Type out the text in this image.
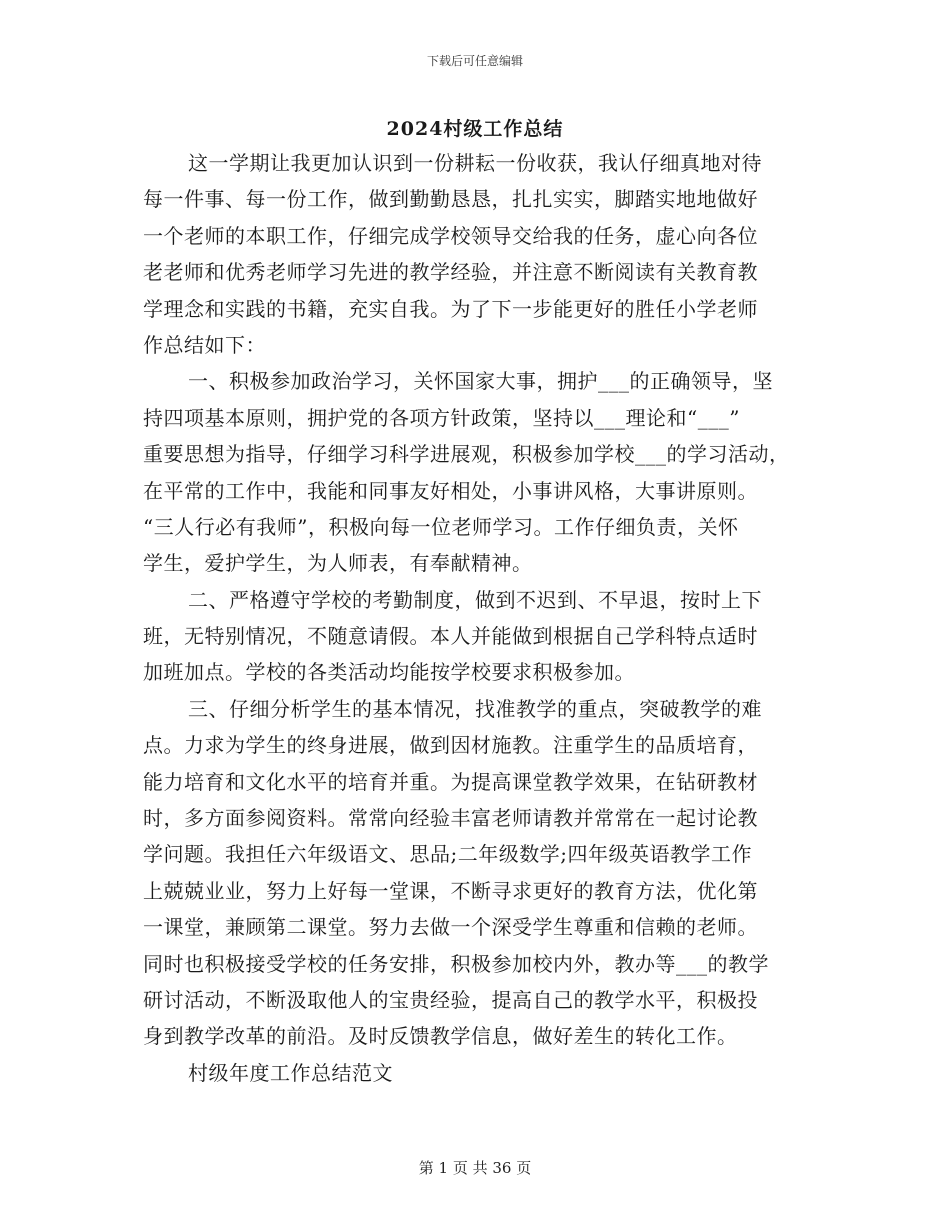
下载后可任意编辑
2024村级工作总结
这一学期让我更加认识到一份耕耘一份收获，我认仔细真地对待
每一件事、每一份工作，做到勤勤恳恳，扎扎实实，脚踏实地地做好
一个老师的本职工作，仔细完成学校领导交给我的任务，虚心向各位
老老师和优秀老师学习先进的教学经验，并注意不断阅读有关教育教
学理念和实践的书籍，充实自我。为了下一步能更好的胜任小学老师
作总结如下：
一、积极参加政治学习，关怀国家大事，拥护___的正确领导，坚
持四项基本原则，拥护党的各项方针政策，坚持以___理论和“___”
重要思想为指导，仔细学习科学进展观，积极参加学校___的学习活动，
在平常的工作中，我能和同事友好相处，小事讲风格，大事讲原则。
“三人行必有我师”，积极向每一位老师学习。工作仔细负责，关怀
学生，爱护学生，为人师表，有奉献精神。
二、严格遵守学校的考勤制度，做到不迟到、不早退，按时上下
班，无特别情况，不随意请假。本人并能做到根据自己学科特点适时
加班加点。学校的各类活动均能按学校要求积极参加。
三、仔细分析学生的基本情况，找准教学的重点，突破教学的难
点。力求为学生的终身进展，做到因材施教。注重学生的品质培育，
能力培育和文化水平的培育并重。为提高课堂教学效果，在钻研教材
时，多方面参阅资料。常常向经验丰富老师请教并常常在一起讨论教
学问题。我担任六年级语文、思品;二年级数学;四年级英语教学工作
上兢兢业业，努力上好每一堂课，不断寻求更好的教育方法，优化第
一课堂，兼顾第二课堂。努力去做一个深受学生尊重和信赖的老师。
同时也积极接受学校的任务安排，积极参加校内外，教办等___的教学
研讨活动，不断汲取他人的宝贵经验，提高自己的教学水平，积极投
身到教学改革的前沿。及时反馈教学信息，做好差生的转化工作。
村级年度工作总结范文
第 1 页 共 36 页
